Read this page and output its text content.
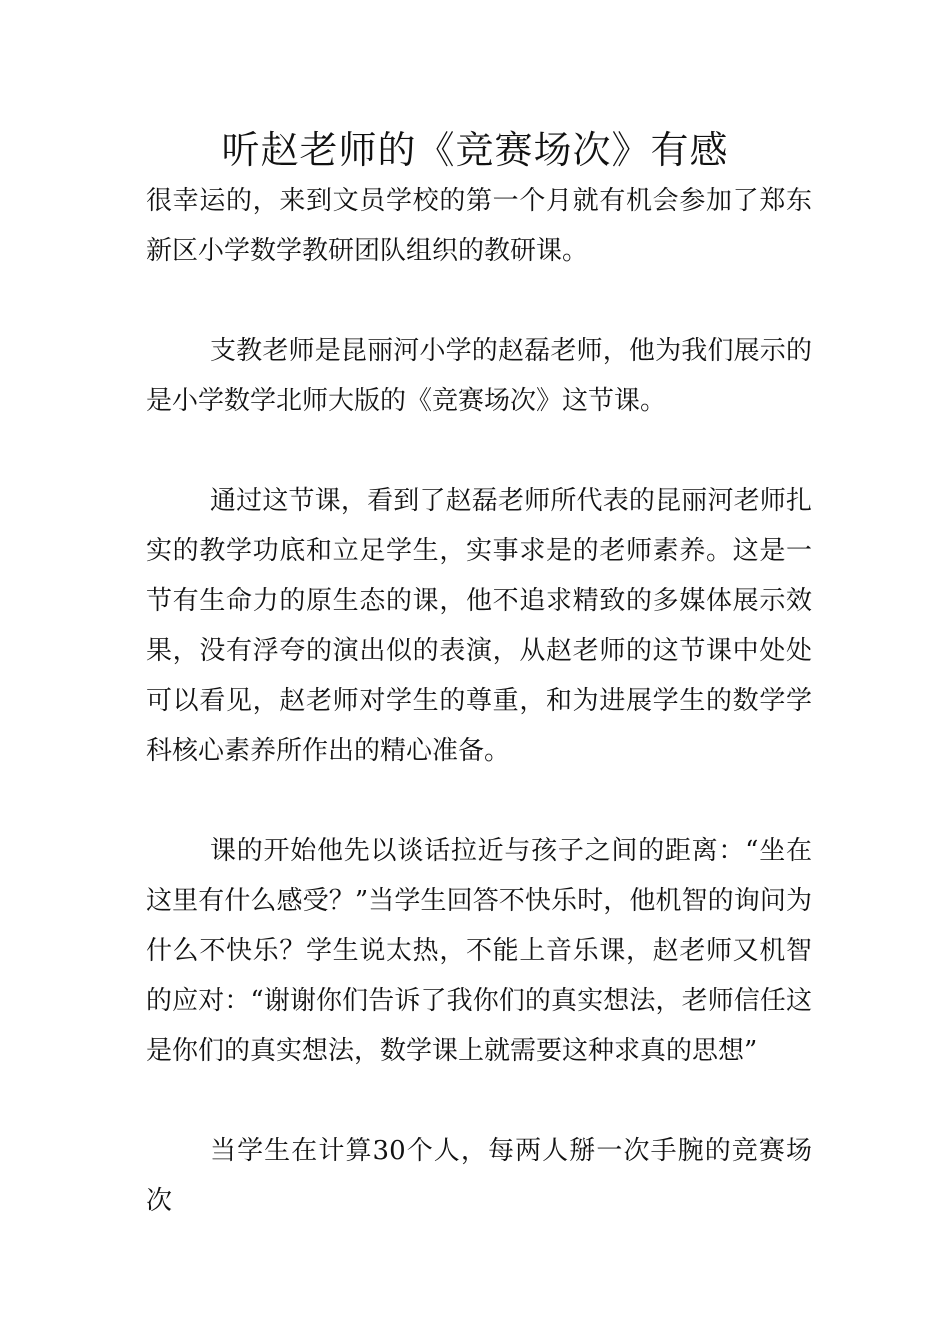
听赵老师的《竞赛场次》有感

很幸运的，来到文员学校的第一个月就有机会参加了郑东新区小学数学教研团队组织的教研课。

支教老师是昆丽河小学的赵磊老师，他为我们展示的是小学数学北师大版的《竞赛场次》这节课。

通过这节课，看到了赵磊老师所代表的昆丽河老师扎实的教学功底和立足学生，实事求是的老师素养。这是一节有生命力的原生态的课，他不追求精致的多媒体展示效果，没有浮夸的演出似的表演，从赵老师的这节课中处处可以看见，赵老师对学生的尊重，和为进展学生的数学学科核心素养所作出的精心准备。

课的开始他先以谈话拉近与孩子之间的距离：“坐在这里有什么感受？”当学生回答不快乐时，他机智的询问为什么不快乐？学生说太热，不能上音乐课，赵老师又机智的应对：“谢谢你们告诉了我你们的真实想法，老师信任这是你们的真实想法，数学课上就需要这种求真的思想”

当学生在计算30个人，每两人掰一次手腕的竞赛场次
